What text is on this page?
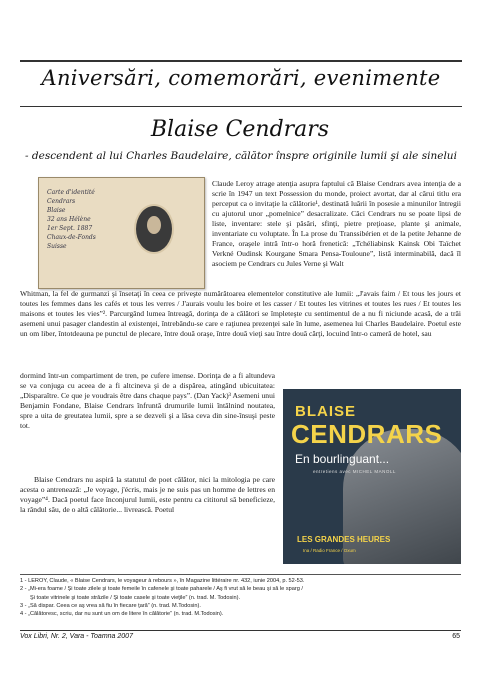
Aniversări, comemorări, evenimente
Blaise Cendrars
- descendent al lui Charles Baudelaire, călător înspre originile lumii şi ale sinelui
Carte d'identité
Cendrars
Blaise
32 ans Hélène
1er Sept. 1887
Chaux-de-Fonds
Suisse
Claude Leroy atrage atenţia asupra faptului că Blaise Cendrars avea intenţia de a scrie în 1947 un text Possession du monde, proiect avortat, dar al cărui titlu era perceput ca o invitaţie la călătorie¹, destinată luării în posesie a minunilor întregii cu ajutorul unor „pomelnice” desacralizate. Căci Cendrars nu se poate lipsi de liste, inventare: stele şi păsări, sfinţi, pietre preţioase, plante şi animale, inventariate cu voluptate. În La prose du Transsibérien et de la petite Jehanne de France, oraşele intră într-o horă frenetică: „Tchéliabinsk Kainsk Obi Taïchet Verkné Oudinsk Kourgane Smara Pensa-Touloune”, listă interminabilă, dacă îl asociem pe Cendrars cu Jules Verne şi Walt
Whitman, la fel de gurmanzi şi însetaţi în ceea ce priveşte numărătoarea elementelor constitutive ale lumii: „J'avais faim / Et tous les jours et toutes les femmes dans les cafés et tous les verres / J'aurais voulu les boire et les casser / Et toutes les vitrines et toutes les rues / Et toutes les maisons et toutes les vies”². Parcurgând lumea întreagă, dorinţa de a călători se împleteşte cu sentimentul de a nu fi niciunde acasă, de a trăi asemeni unui pasager clandestin al existenţei, întrebându-se care e raţiunea prezenţei sale în lume, asemenea lui Charles Baudelaire. Poetul este un om liber, întotdeauna pe punctul de plecare, între două oraşe, între două vieţi sau între două cărţi, locuind într-o cameră de hotel, sau
dormind într-un compartiment de tren, pe cufere imense. Dorinţa de a fi altundeva se va conjuga cu aceea de a fi altcineva şi de a dispărea, atingând ubicuitatea: „Disparaître. Ce que je voudrais être dans chaque pays”. (Dan Yack)³ Asemeni unui Benjamin Fondane, Blaise Cendrars înfruntă drumurile lumii întâlnind noutatea, spre a uita de greutatea lumii, spre a se dezveli şi a lăsa ceva din sine-însuşi peste tot.
Blaise Cendrars nu aspiră la statutul de poet călător, nici la mitologia pe care acesta o antrenează: „Je voyage, j'écris, mais je ne suis pas un homme de lettres en voyage”⁴. Dacă poetul face înconjurul lumii, este pentru ca cititorul să beneficieze, la rândul său, de o altă călătorie... livrească. Poetul
BLAISE
CENDRARS
En bourlinguant...
entretiens avec MICHEL MANOLL
LES GRANDES HEURES
Ina / Radio France / Oxum
1 - LEROY, Claude, « Blaise Cendrars, le voyageur à rebours », în Magazine littéraire nr. 432, iunie 2004, p. 52-53.
2 - „Mi-era foame / Şi toate zilele şi toate femeile în cafenele şi toate paharele / Aş fi vrut să le beau şi să le sparg /
Şi toate vitrinele şi toate străzile / Şi toate casele şi toate vieţile” (n. trad. M. Todosin).
3 - „Să dispar. Ceea ce aş vrea să fiu în fiecare ţară” (n. trad. M.Todosin).
4 - „Călătoresc, scriu, dar nu sunt un om de litere în călătorie” (n. trad. M.Todosin).
Vox Libri, Nr. 2, Vara - Toamna 2007	65
